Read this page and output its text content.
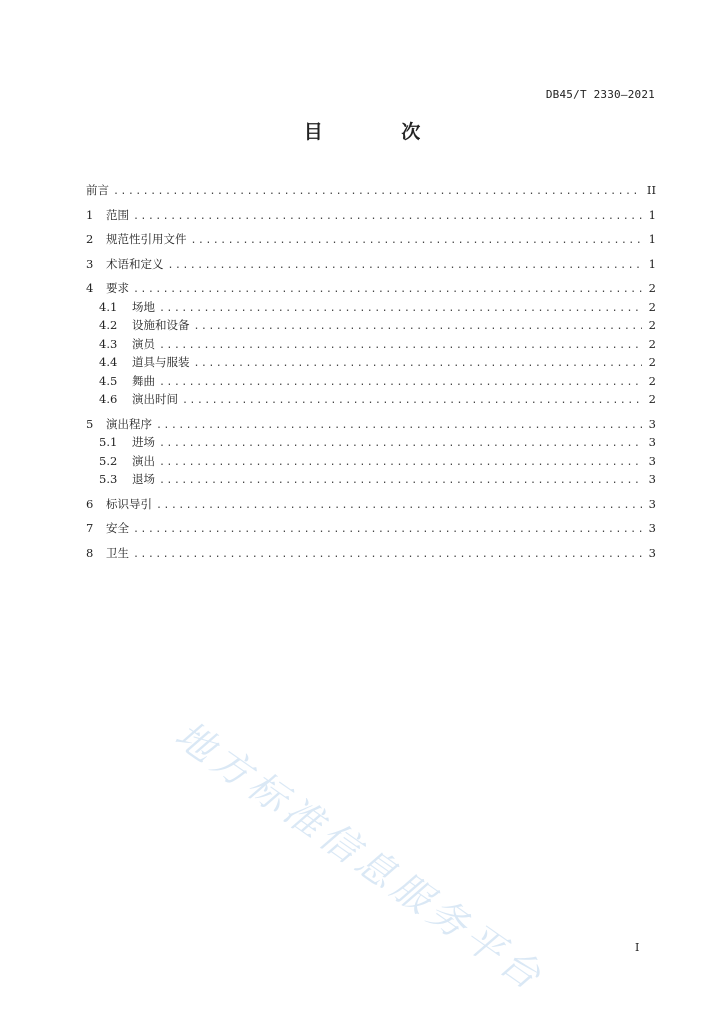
DB45/T 2330—2021
目 次
前言 .....	II
1	范围 .....	1
2	规范性引用文件 .....	1
3	术语和定义 .....	1
4	要求 .....	2
4.1	场地 .....	2
4.2	设施和设备 .....	2
4.3	演员 .....	2
4.4	道具与服装 .....	2
4.5	舞曲 .....	2
4.6	演出时间 .....	2
5	演出程序 .....	3
5.1	进场 .....	3
5.2	演出 .....	3
5.3	退场 .....	3
6	标识导引 .....	3
7	安全 .....	3
8	卫生 .....	3
地方标准信息服务平台	I
